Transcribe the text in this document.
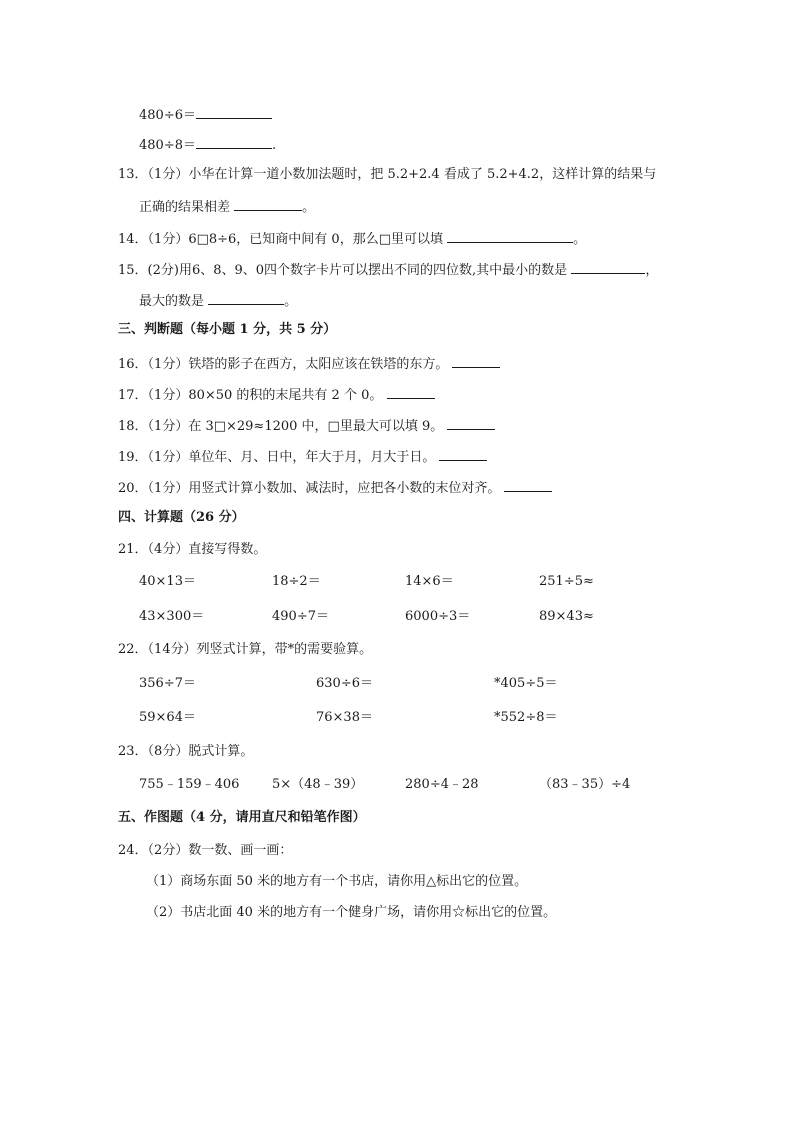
480÷6＝
480÷8＝	.
13．（1分）小华在计算一道小数加法题时，把 5.2+2.4 看成了 5.2+4.2，这样计算的结果与
正确的结果相差	。
14．（1分）6□8÷6，已知商中间有 0，那么□里可以填	。
15．(2分)用6、8、9、0四个数字卡片可以摆出不同的四位数,其中最小的数是	，
最大的数是	。
三、判断题（每小题 1 分，共 5 分）
16．（1分）铁塔的影子在西方，太阳应该在铁塔的东方。
17．（1分）80×50 的积的末尾共有 2 个 0。
18．（1分）在 3□×29≈1200 中，□里最大可以填 9。
19．（1分）单位年、月、日中，年大于月，月大于日。
20．（1分）用竖式计算小数加、减法时，应把各小数的末位对齐。
四、计算题（26 分）
21．（4分）直接写得数。
40×13＝	18÷2＝	14×6＝	251÷5≈
43×300＝	490÷7＝	6000÷3＝	89×43≈
22．（14分）列竖式计算，带*的需要验算。
356÷7＝	630÷6＝	*405÷5＝
59×64＝	76×38＝	*552÷8＝
23．（8分）脱式计算。
755﹣159﹣406	5×（48﹣39）	280÷4﹣28	（83﹣35）÷4
五、作图题（4 分，请用直尺和铅笔作图）
24．（2分）数一数、画一画：
（1）商场东面 50 米的地方有一个书店，请你用△标出它的位置。
（2）书店北面 40 米的地方有一个健身广场，请你用☆标出它的位置。
